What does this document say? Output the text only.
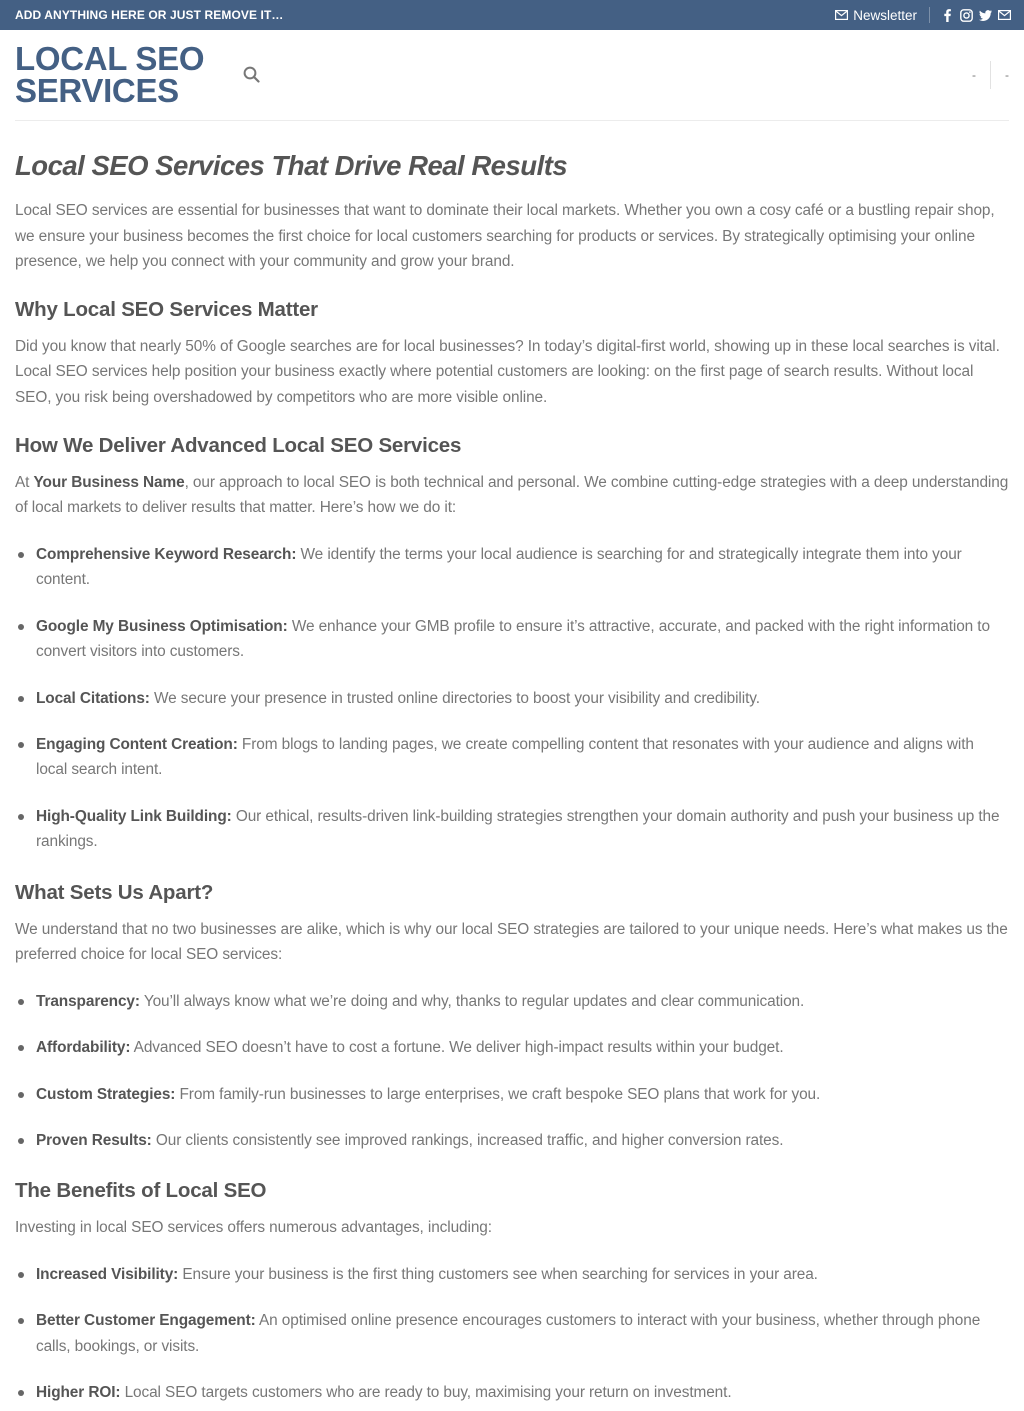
ADD ANYTHING HERE OR JUST REMOVE IT…	Newsletter
LOCAL SEO
SERVICES	-	-
Local SEO Services That Drive Real Results

Local SEO services are essential for businesses that want to dominate their local markets. Whether you own a cosy café or a bustling repair shop, we ensure your business becomes the first choice for local customers searching for products or services. By strategically optimising your online presence, we help you connect with your community and grow your brand.

Why Local SEO Services Matter

Did you know that nearly 50% of Google searches are for local businesses? In today’s digital-first world, showing up in these local searches is vital. Local SEO services help position your business exactly where potential customers are looking: on the first page of search results. Without local SEO, you risk being overshadowed by competitors who are more visible online.

How We Deliver Advanced Local SEO Services

At Your Business Name, our approach to local SEO is both technical and personal. We combine cutting-edge strategies with a deep understanding of local markets to deliver results that matter. Here’s how we do it:

Comprehensive Keyword Research: We identify the terms your local audience is searching for and strategically integrate them into your content.
Google My Business Optimisation: We enhance your GMB profile to ensure it’s attractive, accurate, and packed with the right information to convert visitors into customers.
Local Citations: We secure your presence in trusted online directories to boost your visibility and credibility.
Engaging Content Creation: From blogs to landing pages, we create compelling content that resonates with your audience and aligns with local search intent.
High-Quality Link Building: Our ethical, results-driven link-building strategies strengthen your domain authority and push your business up the rankings.
What Sets Us Apart?

We understand that no two businesses are alike, which is why our local SEO strategies are tailored to your unique needs. Here’s what makes us the preferred choice for local SEO services:

Transparency: You’ll always know what we’re doing and why, thanks to regular updates and clear communication.
Affordability: Advanced SEO doesn’t have to cost a fortune. We deliver high-impact results within your budget.
Custom Strategies: From family-run businesses to large enterprises, we craft bespoke SEO plans that work for you.
Proven Results: Our clients consistently see improved rankings, increased traffic, and higher conversion rates.
The Benefits of Local SEO

Investing in local SEO services offers numerous advantages, including:

Increased Visibility: Ensure your business is the first thing customers see when searching for services in your area.
Better Customer Engagement: An optimised online presence encourages customers to interact with your business, whether through phone calls, bookings, or visits.
Higher ROI: Local SEO targets customers who are ready to buy, maximising your return on investment.
